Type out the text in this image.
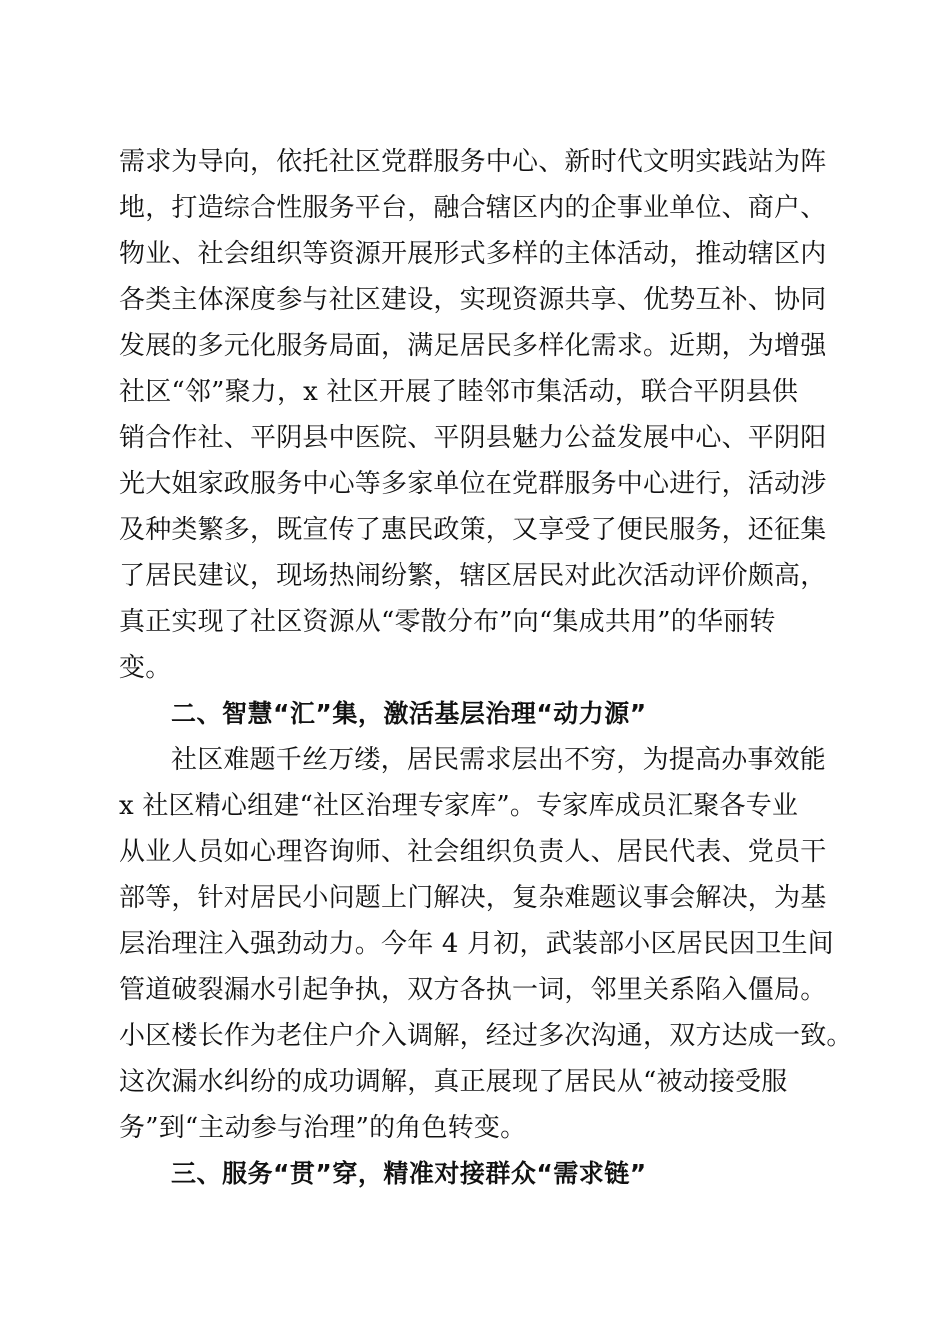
需求为导向，依托社区党群服务中心、新时代文明实践站为阵
地，打造综合性服务平台，融合辖区内的企事业单位、商户、
物业、社会组织等资源开展形式多样的主体活动，推动辖区内
各类主体深度参与社区建设，实现资源共享、优势互补、协同
发展的多元化服务局面，满足居民多样化需求。近期，为增强
社区“邻”聚力，x 社区开展了睦邻市集活动，联合平阴县供
销合作社、平阴县中医院、平阴县魅力公益发展中心、平阴阳
光大姐家政服务中心等多家单位在党群服务中心进行，活动涉
及种类繁多，既宣传了惠民政策，又享受了便民服务，还征集
了居民建议，现场热闹纷繁，辖区居民对此次活动评价颇高，
真正实现了社区资源从“零散分布”向“集成共用”的华丽转
变。
二、智慧“汇”集，激活基层治理“动力源”
社区难题千丝万缕，居民需求层出不穷，为提高办事效能
x 社区精心组建“社区治理专家库”。专家库成员汇聚各专业
从业人员如心理咨询师、社会组织负责人、居民代表、党员干
部等，针对居民小问题上门解决，复杂难题议事会解决，为基
层治理注入强劲动力。今年 4 月初，武装部小区居民因卫生间
管道破裂漏水引起争执，双方各执一词，邻里关系陷入僵局。
小区楼长作为老住户介入调解，经过多次沟通，双方达成一致。
这次漏水纠纷的成功调解，真正展现了居民从“被动接受服
务”到“主动参与治理”的角色转变。
三、服务“贯”穿，精准对接群众“需求链”
